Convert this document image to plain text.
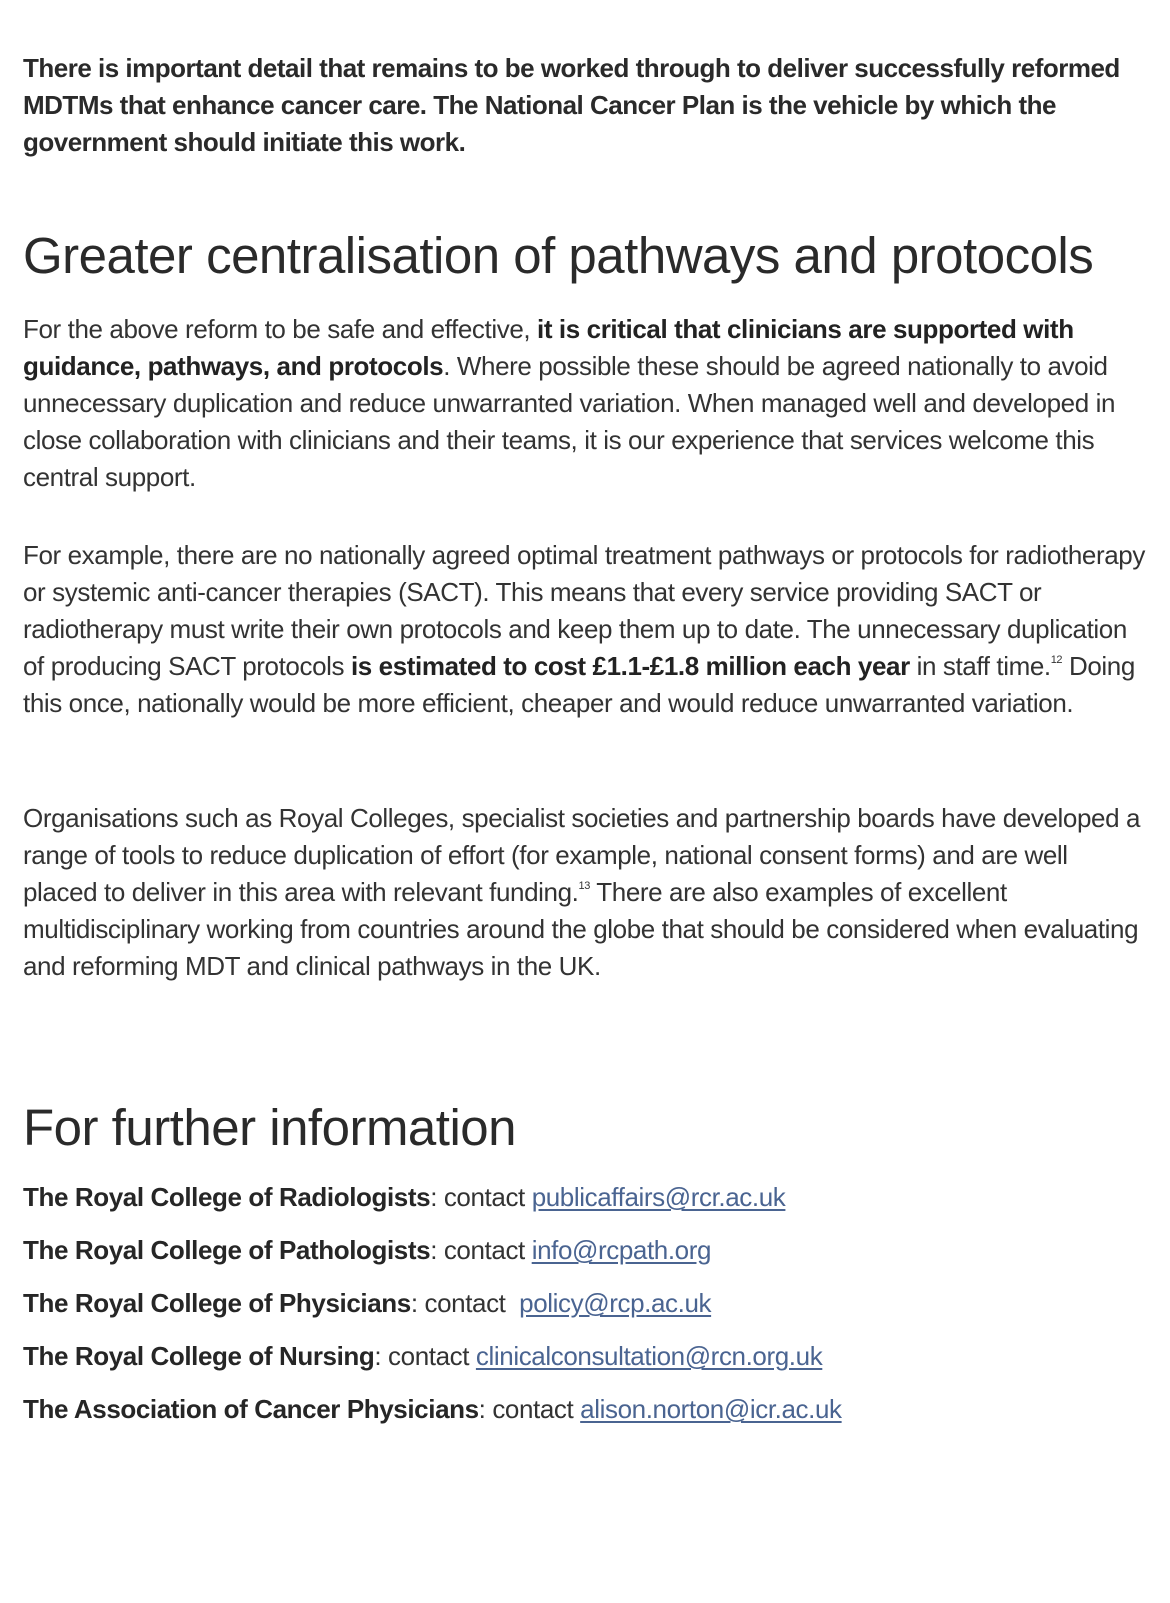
There is important detail that remains to be worked through to deliver successfully reformed MDTMs that enhance cancer care. The National Cancer Plan is the vehicle by which the government should initiate this work.

Greater centralisation of pathways and protocols

For the above reform to be safe and effective, it is critical that clinicians are supported with guidance, pathways, and protocols. Where possible these should be agreed nationally to avoid unnecessary duplication and reduce unwarranted variation. When managed well and developed in close collaboration with clinicians and their teams, it is our experience that services welcome this central support.

For example, there are no nationally agreed optimal treatment pathways or protocols for radiotherapy or systemic anti-cancer therapies (SACT). This means that every service providing SACT or radiotherapy must write their own protocols and keep them up to date. The unnecessary duplication of producing SACT protocols is estimated to cost £1.1-£1.8 million each year in staff time.$^{12}$ Doing this once, nationally would be more efficient, cheaper and would reduce unwarranted variation.

Organisations such as Royal Colleges, specialist societies and partnership boards have developed a range of tools to reduce duplication of effort (for example, national consent forms) and are well placed to deliver in this area with relevant funding.$^{13}$ There are also examples of excellent multidisciplinary working from countries around the globe that should be considered when evaluating and reforming MDT and clinical pathways in the UK.

For further information
The Royal College of Radiologists: contact publicaffairs@rcr.ac.uk
The Royal College of Pathologists: contact info@rcpath.org
The Royal College of Physicians: contact  policy@rcp.ac.uk
The Royal College of Nursing: contact clinicalconsultation@rcn.org.uk
The Association of Cancer Physicians: contact alison.norton@icr.ac.uk
